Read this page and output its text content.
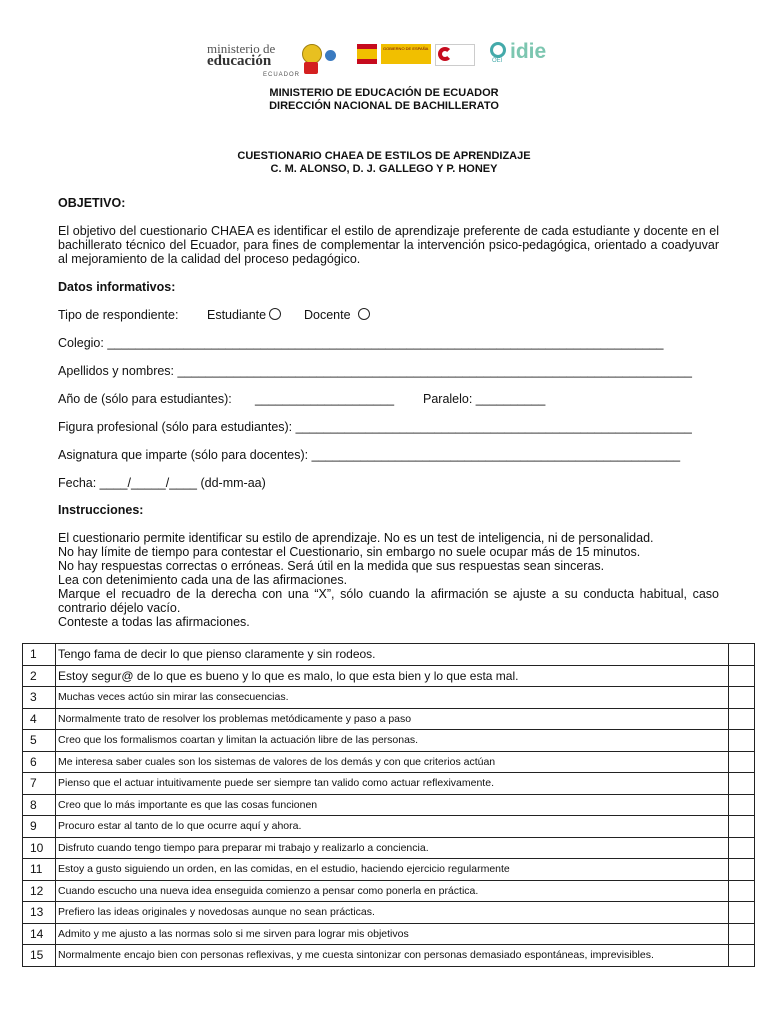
ministerio de
educación
ECUADOR
GOBIERNO DE ESPAÑA
OEI idie
MINISTERIO DE EDUCACIÓN DE ECUADOR
DIRECCIÓN NACIONAL DE BACHILLERATO
CUESTIONARIO CHAEA DE ESTILOS DE APRENDIZAJE
C. M. ALONSO, D. J. GALLEGO Y P. HONEY
OBJETIVO:
El objetivo del cuestionario CHAEA es identificar el estilo de aprendizaje preferente de cada estudiante y docente en el bachillerato técnico del Ecuador, para fines de complementar la intervención psico-pedagógica, orientado a coadyuvar al mejoramiento de la calidad del proceso pedagógico.
Datos informativos:
Tipo de respondiente: Estudiante	Docente
Colegio: ________________________________________________________________________________
Apellidos y nombres: __________________________________________________________________________
Año de (sólo para estudiantes): ____________________ Paralelo: __________
Figura profesional (sólo para estudiantes): _________________________________________________________
Asignatura que imparte (sólo para docentes): _____________________________________________________
Fecha: ____/_____/____ (dd-mm-aa)
Instrucciones:
El cuestionario permite identificar su estilo de aprendizaje. No es un test de inteligencia, ni de personalidad.
No hay límite de tiempo para contestar el Cuestionario, sin embargo no suele ocupar más de 15 minutos.
No hay respuestas correctas o erróneas. Será útil en la medida que sus respuestas sean sinceras.
Lea con detenimiento cada una de las afirmaciones.
Marque el recuadro de la derecha con una “X”, sólo cuando la afirmación se ajuste a su conducta habitual, caso contrario déjelo vacío.
Conteste a todas las afirmaciones.
1	Tengo fama de decir lo que pienso claramente y sin rodeos.	
2	Estoy segur@ de lo que es bueno y lo que es malo, lo que esta bien y lo que esta mal.	
3	Muchas veces actúo sin mirar las consecuencias.	
4	Normalmente trato de resolver los problemas metódicamente y paso a paso	
5	Creo que los formalismos coartan y limitan la actuación libre de las personas.	
6	Me interesa saber cuales son los sistemas de valores de los demás y con que criterios actúan	
7	Pienso que el actuar intuitivamente puede ser siempre tan valido como actuar reflexivamente.	
8	Creo que lo más importante es que las cosas funcionen	
9	Procuro estar al tanto de lo que ocurre aquí y ahora.	
10	Disfruto cuando tengo tiempo para preparar mi trabajo y realizarlo a conciencia.	
11	Estoy a gusto siguiendo un orden, en las comidas, en el estudio, haciendo ejercicio regularmente	
12	Cuando escucho una nueva idea enseguida comienzo a pensar como ponerla en práctica.	
13	Prefiero las ideas originales y novedosas aunque no sean prácticas.	
14	Admito y me ajusto a las normas solo si me sirven para lograr mis objetivos	
15	Normalmente encajo bien con personas reflexivas, y me cuesta sintonizar con personas demasiado espontáneas, imprevisibles.	
